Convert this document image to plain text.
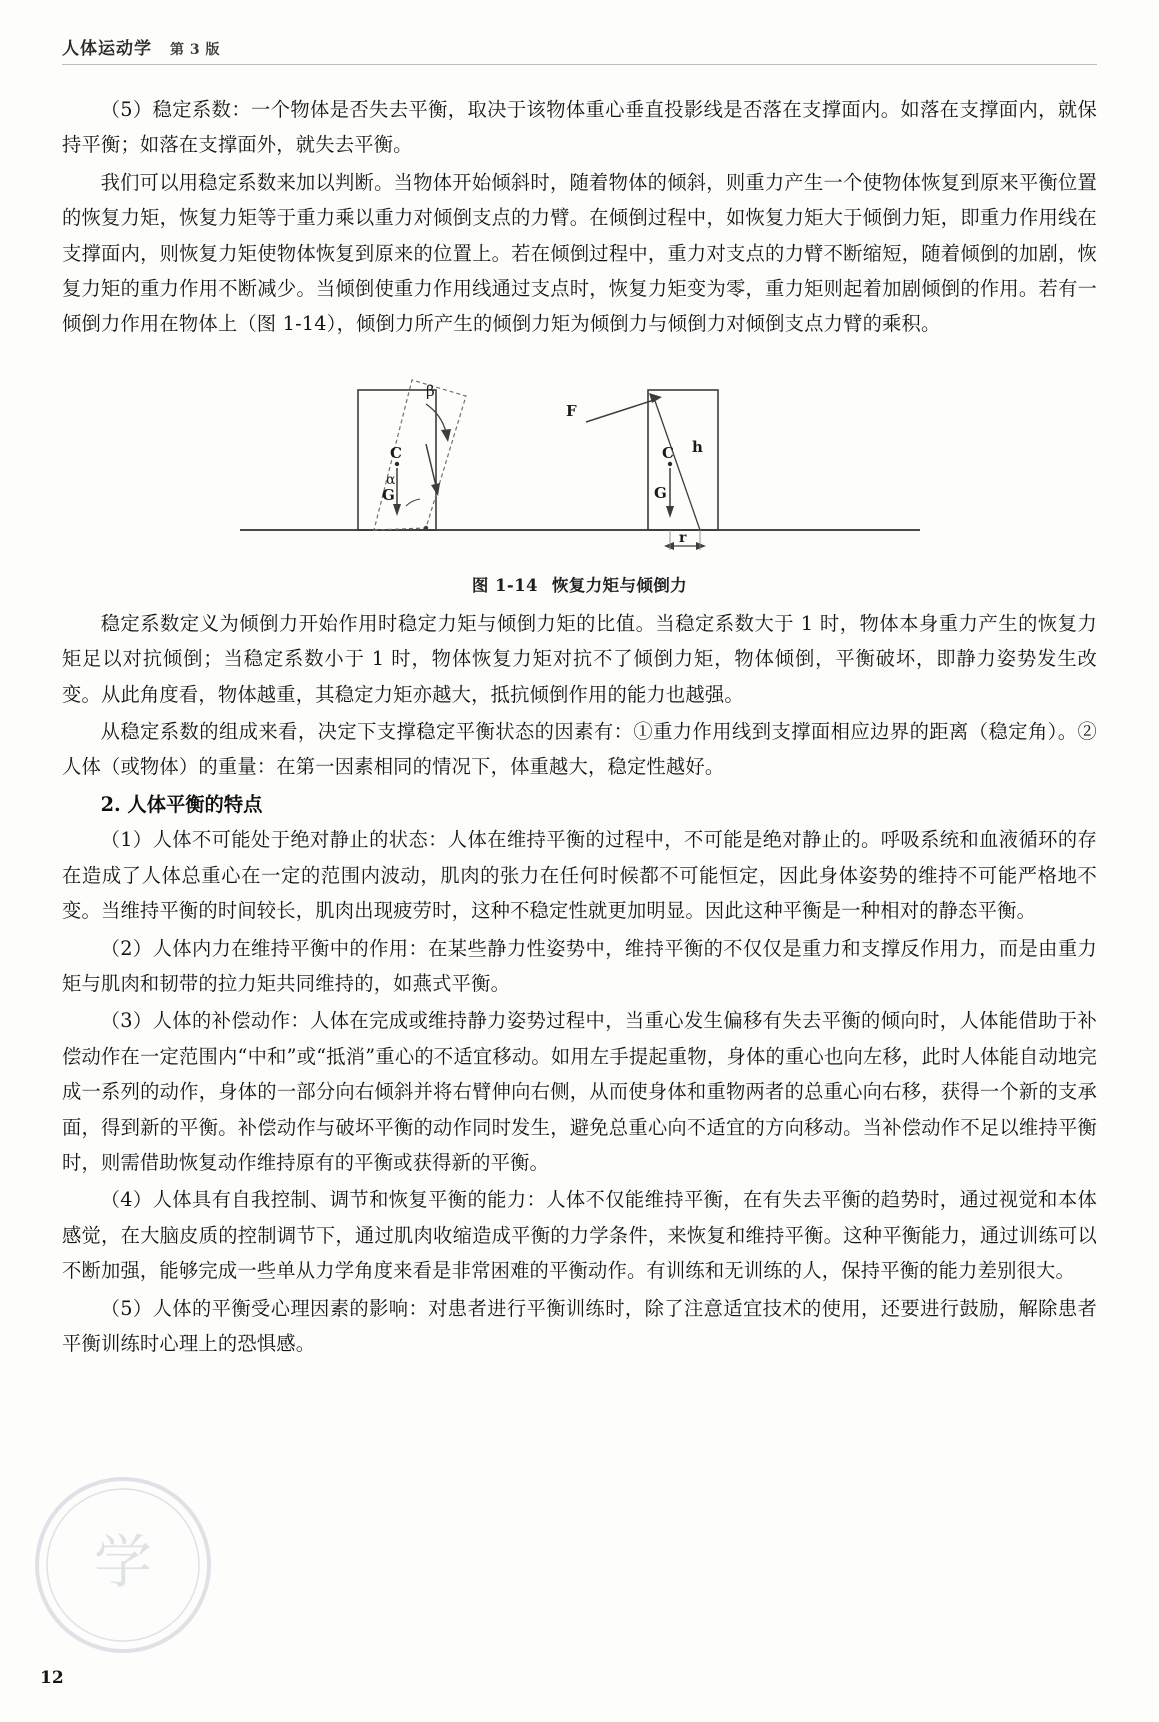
人体运动学 第 3 版

（5）稳定系数：一个物体是否失去平衡，取决于该物体重心垂直投影线是否落在支撑面内。如落在支撑面内，就保持平衡；如落在支撑面外，就失去平衡。

我们可以用稳定系数来加以判断。当物体开始倾斜时，随着物体的倾斜，则重力产生一个使物体恢复到原来平衡位置的恢复力矩，恢复力矩等于重力乘以重力对倾倒支点的力臂。在倾倒过程中，如恢复力矩大于倾倒力矩，即重力作用线在支撑面内，则恢复力矩使物体恢复到原来的位置上。若在倾倒过程中，重力对支点的力臂不断缩短，随着倾倒的加剧，恢复力矩的重力作用不断减少。当倾倒使重力作用线通过支点时，恢复力矩变为零，重力矩则起着加剧倾倒的作用。若有一倾倒力作用在物体上（图 1-14），倾倒力所产生的倾倒力矩为倾倒力与倾倒力对倾倒支点力臂的乘积。

C
G
α
β
F
C h
G
r
图 1-14 恢复力矩与倾倒力

稳定系数定义为倾倒力开始作用时稳定力矩与倾倒力矩的比值。当稳定系数大于 1 时，物体本身重力产生的恢复力矩足以对抗倾倒；当稳定系数小于 1 时，物体恢复力矩对抗不了倾倒力矩，物体倾倒，平衡破坏，即静力姿势发生改变。从此角度看，物体越重，其稳定力矩亦越大，抵抗倾倒作用的能力也越强。

从稳定系数的组成来看，决定下支撑稳定平衡状态的因素有：①重力作用线到支撑面相应边界的距离（稳定角）。②人体（或物体）的重量：在第一因素相同的情况下，体重越大，稳定性越好。

2. 人体平衡的特点

（1）人体不可能处于绝对静止的状态：人体在维持平衡的过程中，不可能是绝对静止的。呼吸系统和血液循环的存在造成了人体总重心在一定的范围内波动，肌肉的张力在任何时候都不可能恒定，因此身体姿势的维持不可能严格地不变。当维持平衡的时间较长，肌肉出现疲劳时，这种不稳定性就更加明显。因此这种平衡是一种相对的静态平衡。

（2）人体内力在维持平衡中的作用：在某些静力性姿势中，维持平衡的不仅仅是重力和支撑反作用力，而是由重力矩与肌肉和韧带的拉力矩共同维持的，如燕式平衡。

（3）人体的补偿动作：人体在完成或维持静力姿势过程中，当重心发生偏移有失去平衡的倾向时，人体能借助于补偿动作在一定范围内“中和”或“抵消”重心的不适宜移动。如用左手提起重物，身体的重心也向左移，此时人体能自动地完成一系列的动作，身体的一部分向右倾斜并将右臂伸向右侧，从而使身体和重物两者的总重心向右移，获得一个新的支承面，得到新的平衡。补偿动作与破坏平衡的动作同时发生，避免总重心向不适宜的方向移动。当补偿动作不足以维持平衡时，则需借助恢复动作维持原有的平衡或获得新的平衡。

（4）人体具有自我控制、调节和恢复平衡的能力：人体不仅能维持平衡，在有失去平衡的趋势时，通过视觉和本体感觉，在大脑皮质的控制调节下，通过肌肉收缩造成平衡的力学条件，来恢复和维持平衡。这种平衡能力，通过训练可以不断加强，能够完成一些单从力学角度来看是非常困难的平衡动作。有训练和无训练的人，保持平衡的能力差别很大。

（5）人体的平衡受心理因素的影响：对患者进行平衡训练时，除了注意适宜技术的使用，还要进行鼓励，解除患者平衡训练时心理上的恐惧感。

学
12
